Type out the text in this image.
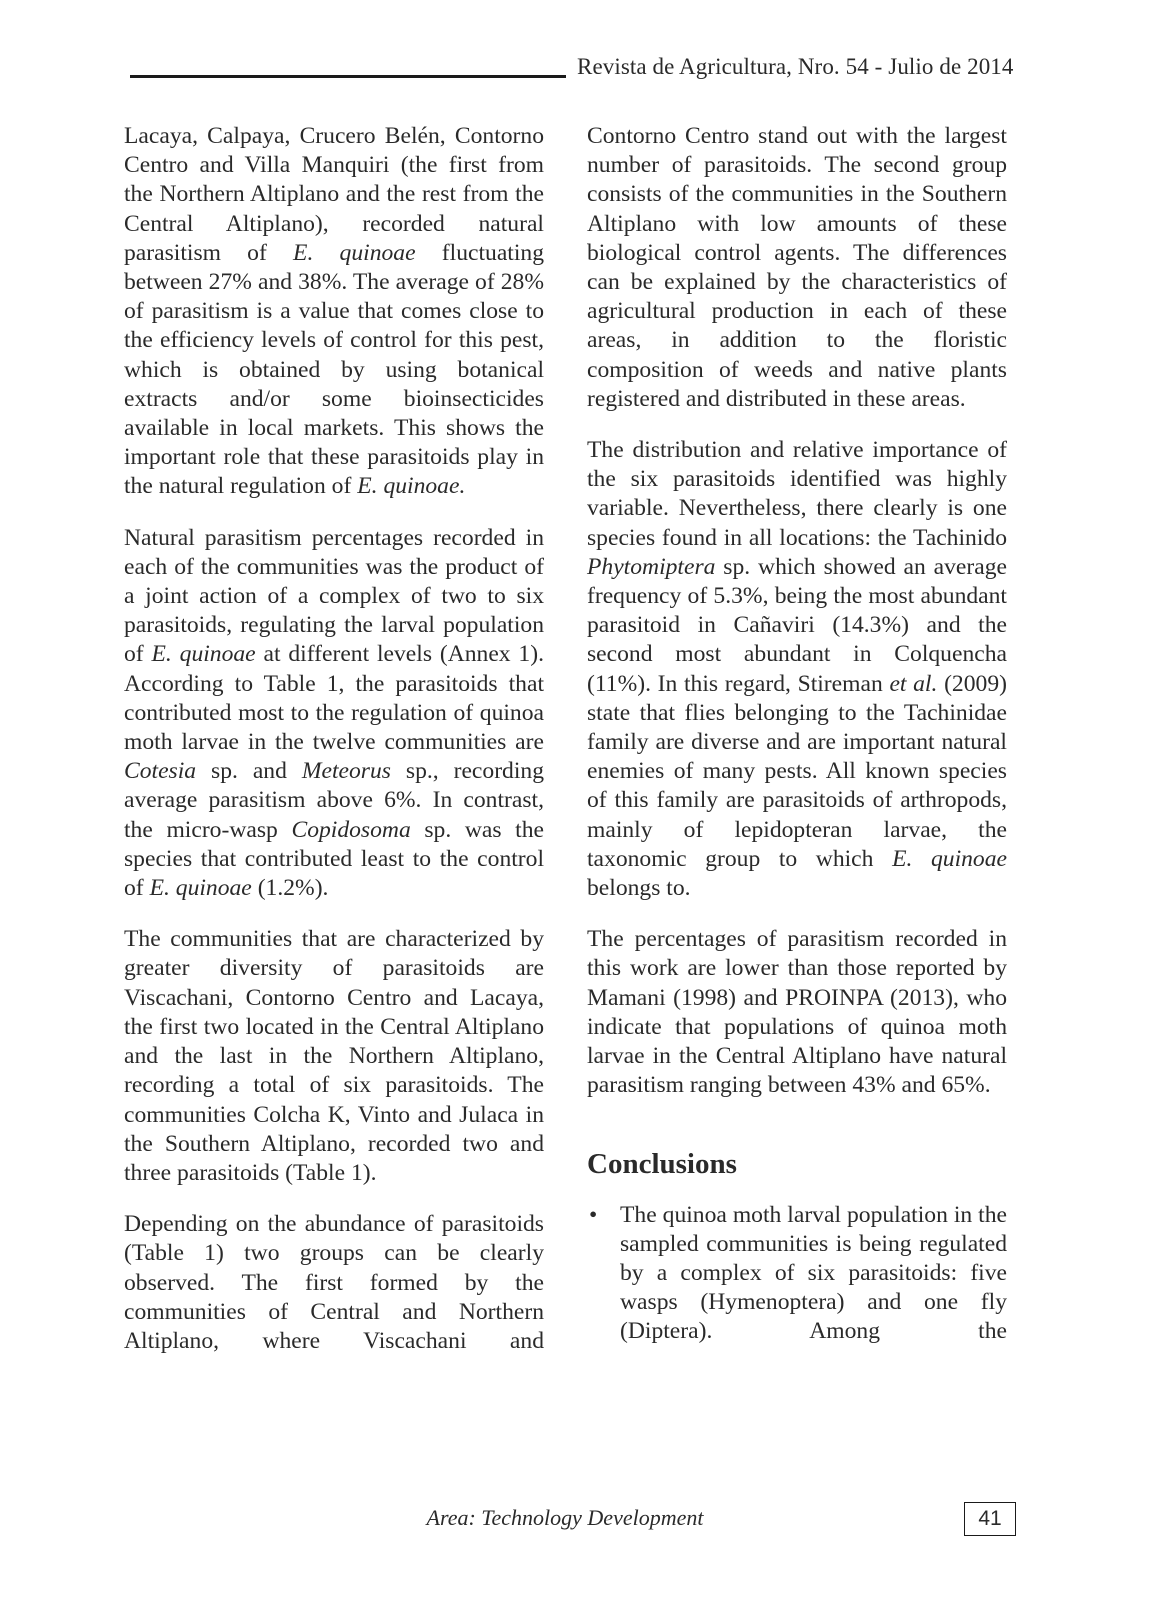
Revista de Agricultura, Nro. 54 - Julio de 2014

Lacaya, Calpaya, Crucero Belén, Contorno Centro and Villa Manquiri (the first from the Northern Altiplano and the rest from the Central Altiplano), recorded natural parasitism of E. quinoae fluctuating between 27% and 38%. The average of 28% of parasitism is a value that comes close to the efficiency levels of control for this pest, which is obtained by using botanical extracts and/or some bioinsecticides available in local markets. This shows the important role that these parasitoids play in the natural regulation of E. quinoae.

Natural parasitism percentages recorded in each of the communities was the product of a joint action of a complex of two to six parasitoids, regulating the larval population of E. quinoae at different levels (Annex 1). According to Table 1, the parasitoids that contributed most to the regulation of quinoa moth larvae in the twelve communities are Cotesia sp. and Meteorus sp., recording average parasitism above 6%. In contrast, the micro-wasp Copidosoma sp. was the species that contributed least to the control of E. quinoae (1.2%).

The communities that are characterized by greater diversity of parasitoids are Viscachani, Contorno Centro and Lacaya, the first two located in the Central Altiplano and the last in the Northern Altiplano, recording a total of six parasitoids. The communities Colcha K, Vinto and Julaca in the Southern Altiplano, recorded two and three parasitoids (Table 1).

Depending on the abundance of parasitoids (Table 1) two groups can be clearly observed. The first formed by the communities of Central and Northern Altiplano, where Viscachani and

Contorno Centro stand out with the largest number of parasitoids. The second group consists of the communities in the Southern Altiplano with low amounts of these biological control agents. The differences can be explained by the characteristics of agricultural production in each of these areas, in addition to the floristic composition of weeds and native plants registered and distributed in these areas.

The distribution and relative importance of the six parasitoids identified was highly variable. Nevertheless, there clearly is one species found in all locations: the Tachinido Phytomiptera sp. which showed an average frequency of 5.3%, being the most abundant parasitoid in Cañaviri (14.3%) and the second most abundant in Colquencha (11%). In this regard, Stireman et al. (2009) state that flies belonging to the Tachinidae family are diverse and are important natural enemies of many pests. All known species of this family are parasitoids of arthropods, mainly of lepidopteran larvae, the taxonomic group to which E. quinoae belongs to.

The percentages of parasitism recorded in this work are lower than those reported by Mamani (1998) and PROINPA (2013), who indicate that populations of quinoa moth larvae in the Central Altiplano have natural parasitism ranging between 43% and 65%.

Conclusions
• The quinoa moth larval population in the sampled communities is being regulated by a complex of six parasitoids: five wasps (Hymenoptera) and one fly (Diptera). Among the
Area: Technology Development	41
